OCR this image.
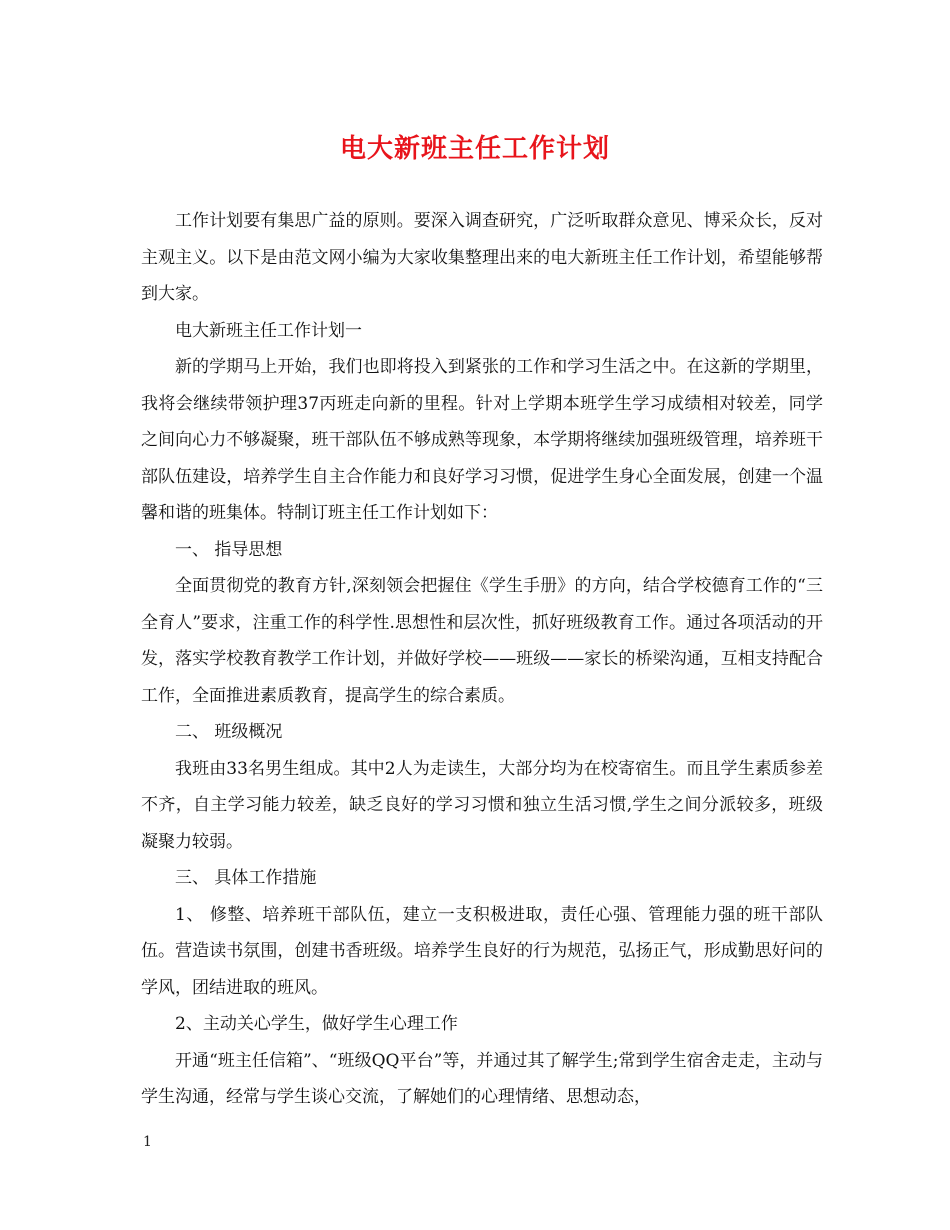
电大新班主任工作计划

工作计划要有集思广益的原则。要深入调查研究，广泛听取群众意见、博采众长，反对主观主义。以下是由范文网小编为大家收集整理出来的电大新班主任工作计划，希望能够帮到大家。

电大新班主任工作计划一

新的学期马上开始，我们也即将投入到紧张的工作和学习生活之中。在这新的学期里，我将会继续带领护理37丙班走向新的里程。针对上学期本班学生学习成绩相对较差，同学之间向心力不够凝聚，班干部队伍不够成熟等现象，本学期将继续加强班级管理，培养班干部队伍建设，培养学生自主合作能力和良好学习习惯，促进学生身心全面发展，创建一个温馨和谐的班集体。特制订班主任工作计划如下：

一、 指导思想

全面贯彻党的教育方针,深刻领会把握住《学生手册》的方向，结合学校德育工作的“三全育人”要求，注重工作的科学性.思想性和层次性，抓好班级教育工作。通过各项活动的开发，落实学校教育教学工作计划，并做好学校——班级——家长的桥梁沟通，互相支持配合工作，全面推进素质教育，提高学生的综合素质。

二、 班级概况

我班由33名男生组成。其中2人为走读生，大部分均为在校寄宿生。而且学生素质参差不齐，自主学习能力较差，缺乏良好的学习习惯和独立生活习惯,学生之间分派较多，班级凝聚力较弱。

三、 具体工作措施

1、 修整、培养班干部队伍，建立一支积极进取，责任心强、管理能力强的班干部队伍。营造读书氛围，创建书香班级。培养学生良好的行为规范，弘扬正气，形成勤思好问的学风，团结进取的班风。

2、主动关心学生，做好学生心理工作

开通“班主任信箱”、“班级QQ平台”等，并通过其了解学生;常到学生宿舍走走，主动与学生沟通，经常与学生谈心交流，了解她们的心理情绪、思想动态，

1
